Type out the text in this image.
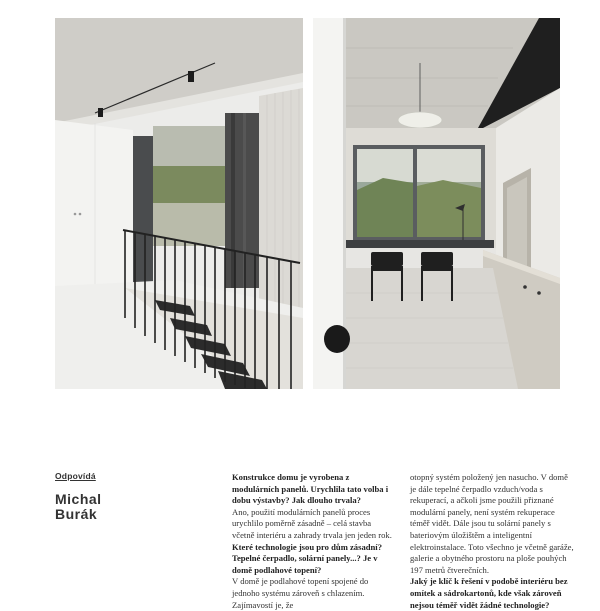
Odpovídá
Michal
Burák

Konstrukce domu je vyrobena z modulárních panelů. Urychlila tato volba i dobu výstavby? Jak dlouho trvala?

Ano, použití modulárních panelů proces urychlilo poměrně zásadně – celá stavba včetně interiéru a zahrady trvala jen jeden rok.

Které technologie jsou pro dům zásadní? Tepelné čerpadlo, solární panely...? Je v domě podlahové topení?

V domě je podlahové topení spojené do jednoho systému zároveň s chlazením. Zajímavostí je, že

otopný systém položený jen nasucho. V domě je dále tepelné čerpadlo vzduch/voda s rekuperací, a ačkoli jsme použili přiznané modulární panely, není systém rekuperace téměř vidět. Dále jsou tu solární panely s bateriovým úložištěm a inteligentní elektroinstalace. Toto všechno je včetně garáže, galerie a obytného prostoru na ploše pouhých 197 metrů čtverečních.

Jaký je klíč k řešení v podobě interiéru bez omítek a sádrokartonů, kde však zároveň nejsou téměř vidět žádné technologie?
